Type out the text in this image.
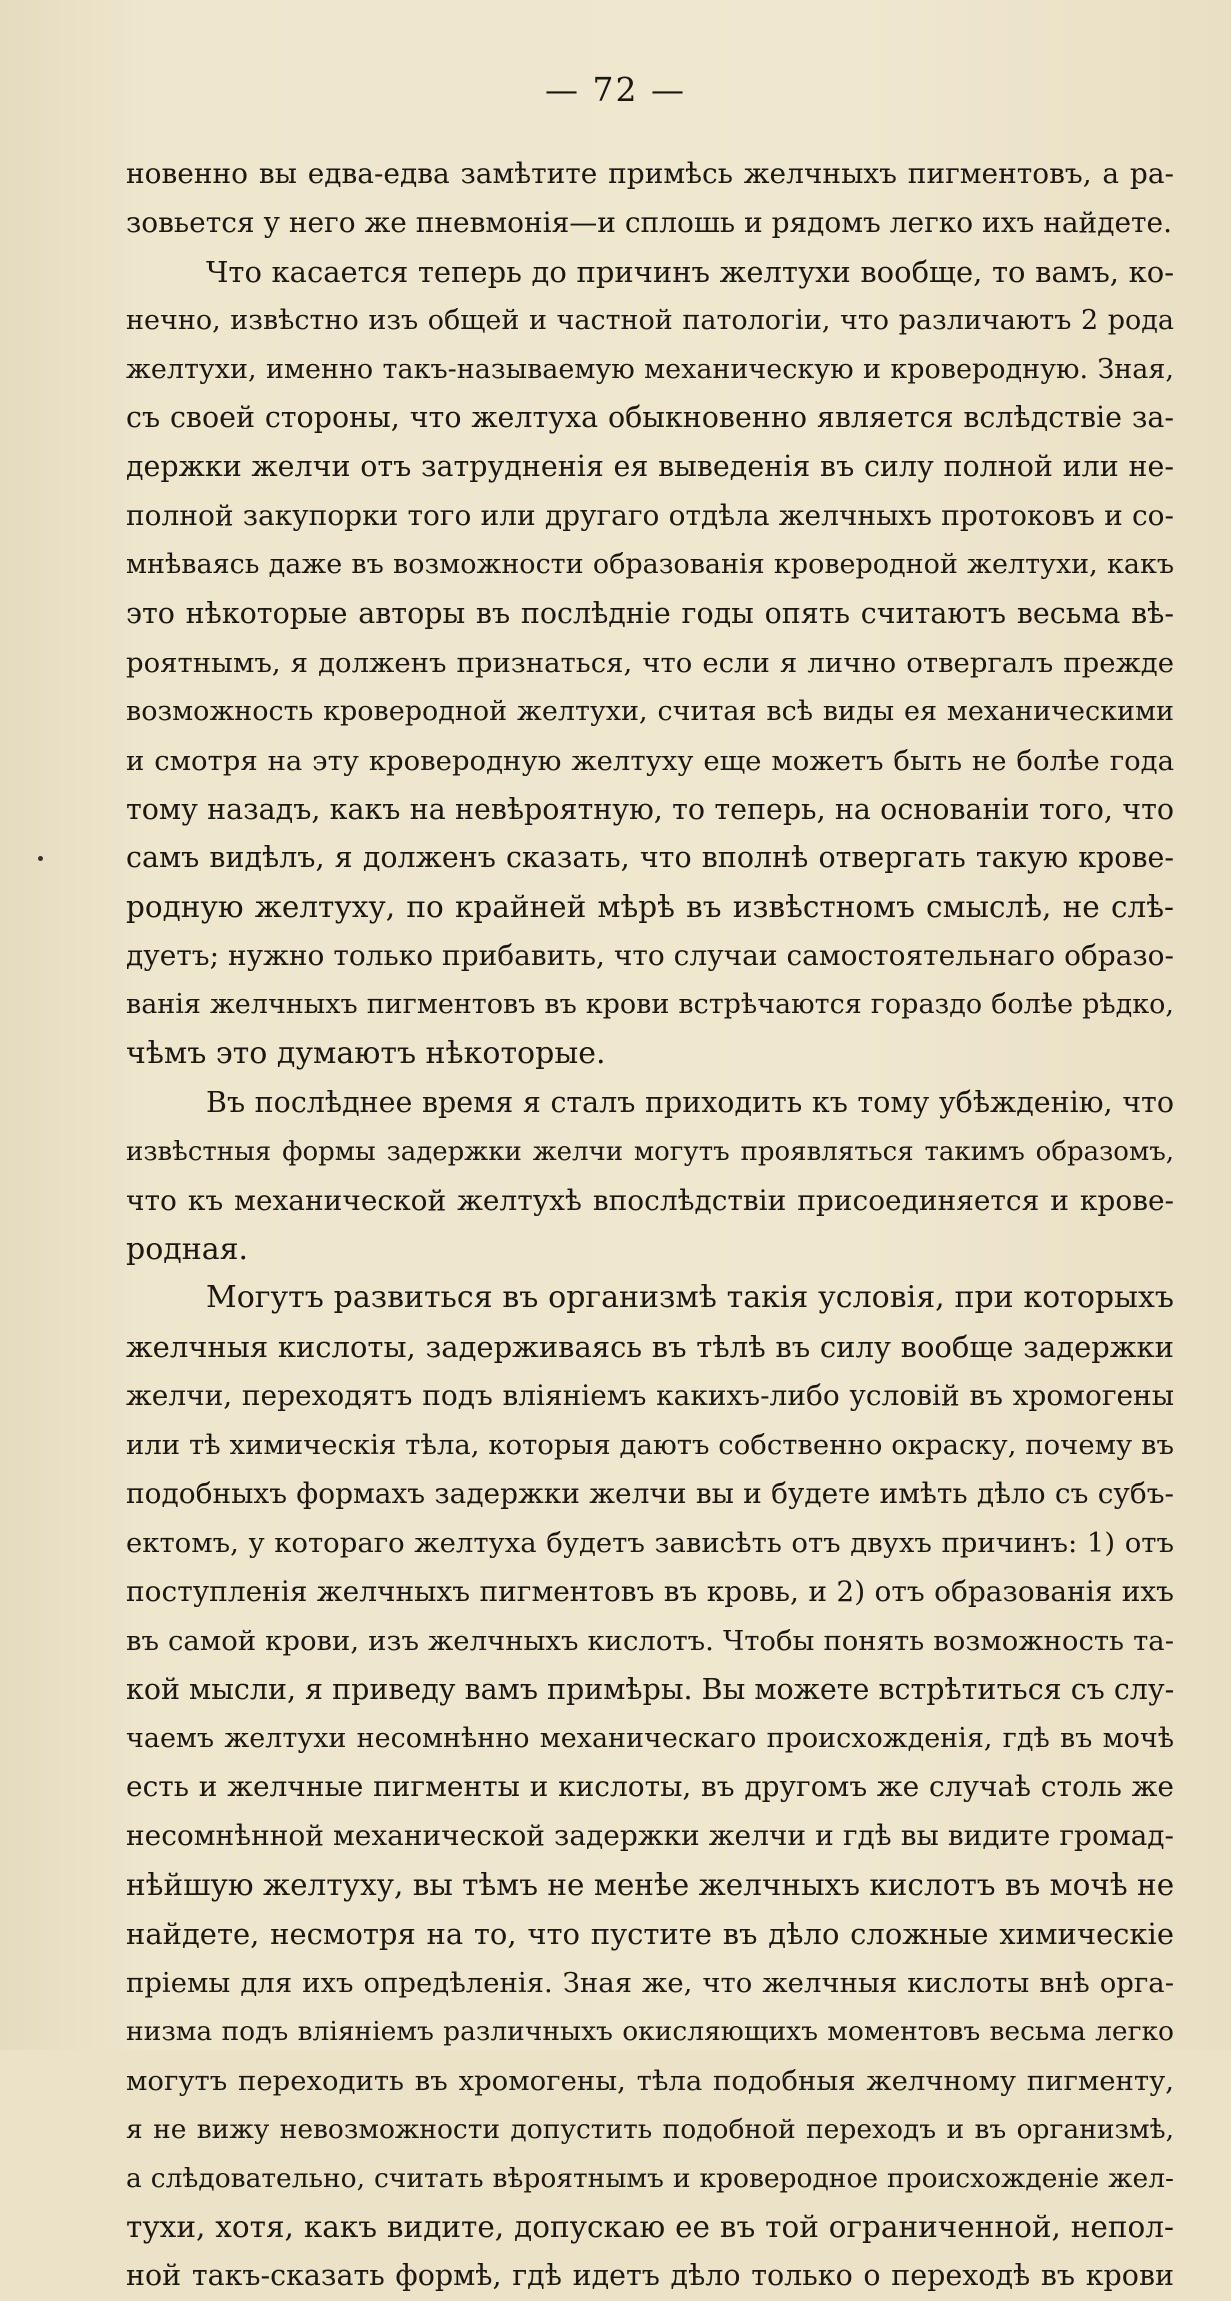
— 72 —
новенно вы едва-едва замѣтите примѣсь желчныхъ пигментовъ, а ра-
зовьется у него же пневмонія—и сплошь и рядомъ легко ихъ найдете.
Что касается теперь до причинъ желтухи вообще, то вамъ, ко-
нечно, извѣстно изъ общей и частной патологіи, что различаютъ 2 рода
желтухи, именно такъ-называемую механическую и кроверодную. Зная,
съ своей стороны, что желтуха обыкновенно является вслѣдствіе за-
держки желчи отъ затрудненія ея выведенія въ силу полной или не-
полной закупорки того или другаго отдѣла желчныхъ протоковъ и со-
мнѣваясь даже въ возможности образованія кроверодной желтухи, какъ
это нѣкоторые авторы въ послѣдніе годы опять считаютъ весьма вѣ-
роятнымъ, я долженъ признаться, что если я лично отвергалъ прежде
возможность кроверодной желтухи, считая всѣ виды ея механическими
и смотря на эту кроверодную желтуху еще можетъ быть не болѣе года
тому назадъ, какъ на невѣроятную, то теперь, на основаніи того, что
самъ видѣлъ, я долженъ сказать, что вполнѣ отвергать такую крове-
родную желтуху, по крайней мѣрѣ въ извѣстномъ смыслѣ, не слѣ-
дуетъ; нужно только прибавить, что случаи самостоятельнаго образо-
ванія желчныхъ пигментовъ въ крови встрѣчаются гораздо болѣе рѣдко,
чѣмъ это думаютъ нѣкоторые.
Въ послѣднее время я сталъ приходить къ тому убѣжденію, что
извѣстныя формы задержки желчи могутъ проявляться такимъ образомъ,
что къ механической желтухѣ впослѣдствіи присоединяется и крове-
родная.
Могутъ развиться въ организмѣ такія условія, при которыхъ
желчныя кислоты, задерживаясь въ тѣлѣ въ силу вообще задержки
желчи, переходятъ подъ вліяніемъ какихъ-либо условій въ хромогены
или тѣ химическія тѣла, которыя даютъ собственно окраску, почему въ
подобныхъ формахъ задержки желчи вы и будете имѣть дѣло съ субъ-
ектомъ, у котораго желтуха будетъ зависѣть отъ двухъ причинъ: 1) отъ
поступленія желчныхъ пигментовъ въ кровь, и 2) отъ образованія ихъ
въ самой крови, изъ желчныхъ кислотъ. Чтобы понять возможность та-
кой мысли, я приведу вамъ примѣры. Вы можете встрѣтиться съ слу-
чаемъ желтухи несомнѣнно механическаго происхожденія, гдѣ въ мочѣ
есть и желчные пигменты и кислоты, въ другомъ же случаѣ столь же
несомнѣнной механической задержки желчи и гдѣ вы видите громад-
нѣйшую желтуху, вы тѣмъ не менѣе желчныхъ кислотъ въ мочѣ не
найдете, несмотря на то, что пустите въ дѣло сложные химическіе
пріемы для ихъ опредѣленія. Зная же, что желчныя кислоты внѣ орга-
низма подъ вліяніемъ различныхъ окисляющихъ моментовъ весьма легко
могутъ переходить въ хромогены, тѣла подобныя желчному пигменту,
я не вижу невозможности допустить подобной переходъ и въ организмѣ,
а слѣдовательно, считать вѣроятнымъ и кроверодное происхожденіе жел-
тухи, хотя, какъ видите, допускаю ее въ той ограниченной, непол-
ной такъ-сказать формѣ, гдѣ идетъ дѣло только о переходѣ въ крови
